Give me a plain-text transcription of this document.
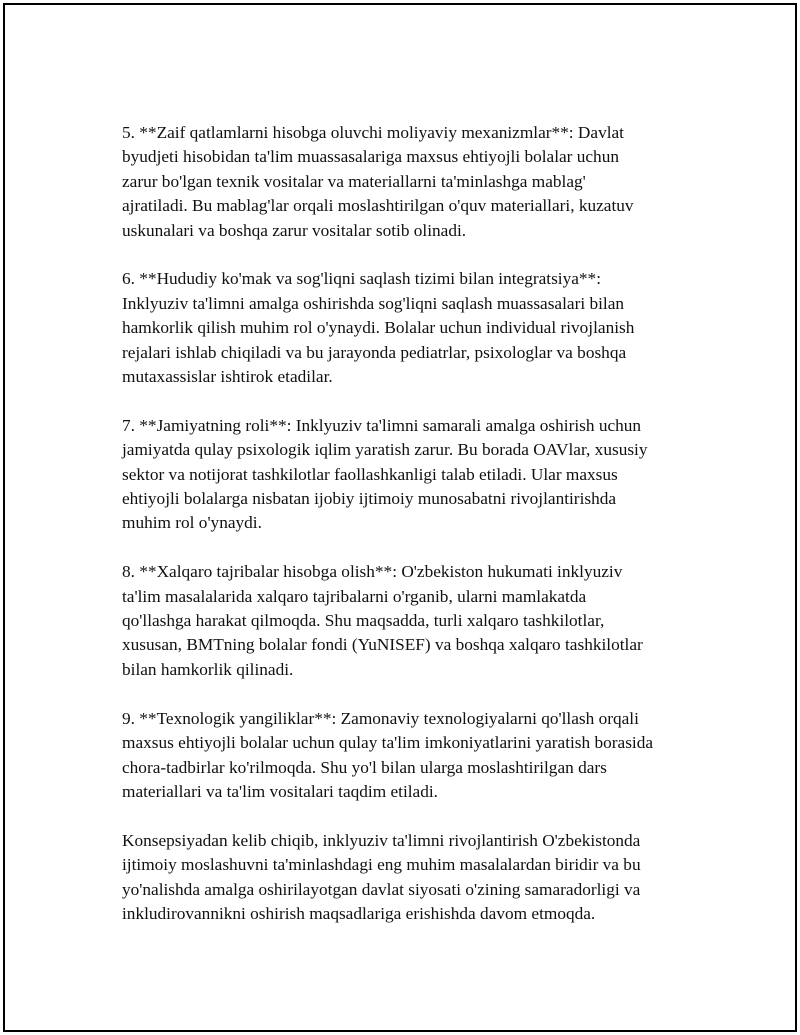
5. **Zaif qatlamlarni hisobga oluvchi moliyaviy mexanizmlar**: Davlat
byudjeti hisobidan ta'lim muassasalariga maxsus ehtiyojli bolalar uchun
zarur bo'lgan texnik vositalar va materiallarni ta'minlashga mablag'
ajratiladi. Bu mablag'lar orqali moslashtirilgan o'quv materiallari, kuzatuv
uskunalari va boshqa zarur vositalar sotib olinadi.

6. **Hududiy ko'mak va sog'liqni saqlash tizimi bilan integratsiya**:
Inklyuziv ta'limni amalga oshirishda sog'liqni saqlash muassasalari bilan
hamkorlik qilish muhim rol o'ynaydi. Bolalar uchun individual rivojlanish
rejalari ishlab chiqiladi va bu jarayonda pediatrlar, psixologlar va boshqa
mutaxassislar ishtirok etadilar.

7. **Jamiyatning roli**: Inklyuziv ta'limni samarali amalga oshirish uchun
jamiyatda qulay psixologik iqlim yaratish zarur. Bu borada OAVlar, xususiy
sektor va notijorat tashkilotlar faollashkanligi talab etiladi. Ular maxsus
ehtiyojli bolalarga nisbatan ijobiy ijtimoiy munosabatni rivojlantirishda
muhim rol o'ynaydi.

8. **Xalqaro tajribalar hisobga olish**: O'zbekiston hukumati inklyuziv
ta'lim masalalarida xalqaro tajribalarni o'rganib, ularni mamlakatda
qo'llashga harakat qilmoqda. Shu maqsadda, turli xalqaro tashkilotlar,
xususan, BMTning bolalar fondi (YuNISEF) va boshqa xalqaro tashkilotlar
bilan hamkorlik qilinadi.

9. **Texnologik yangiliklar**: Zamonaviy texnologiyalarni qo'llash orqali
maxsus ehtiyojli bolalar uchun qulay ta'lim imkoniyatlarini yaratish borasida
chora-tadbirlar ko'rilmoqda. Shu yo'l bilan ularga moslashtirilgan dars
materiallari va ta'lim vositalari taqdim etiladi.

Konsepsiyadan kelib chiqib, inklyuziv ta'limni rivojlantirish O'zbekistonda
ijtimoiy moslashuvni ta'minlashdagi eng muhim masalalardan biridir va bu
yo'nalishda amalga oshirilayotgan davlat siyosati o'zining samaradorligi va
inkludirovannikni oshirish maqsadlariga erishishda davom etmoqda.
